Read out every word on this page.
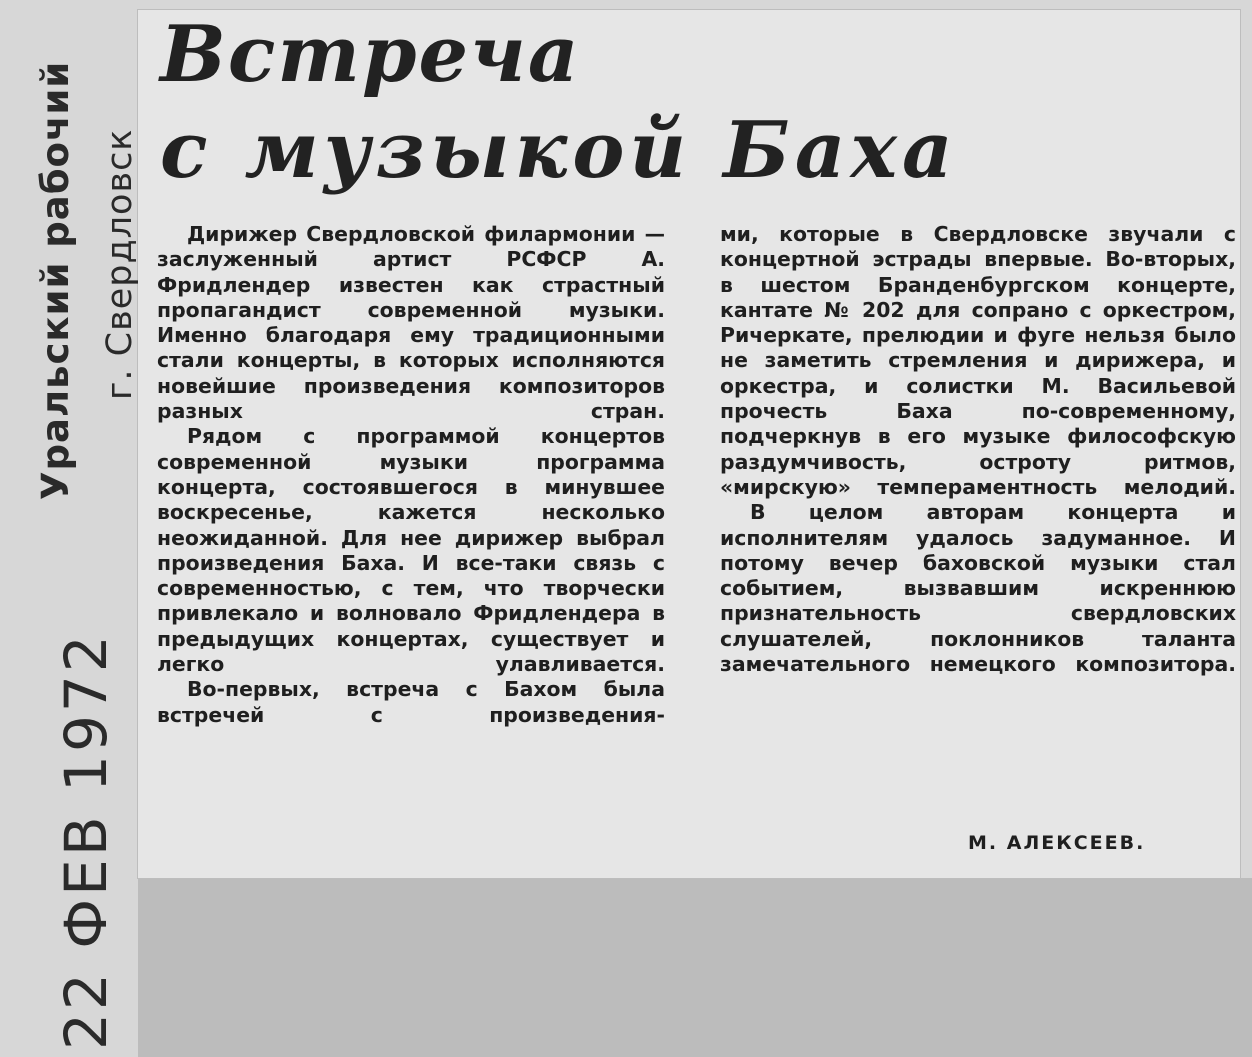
Уральский рабочий г. Свердловск
22 ФЕВ 1972
Встреча
с музыкой Баха

Дирижер Свердловской филармонии — заслуженный артист РСФСР А. Фридлендер известен как страстный пропагандист современной музыки. Именно благодаря ему традиционными стали концерты, в которых исполняются новейшие произведения композиторов разных стран.

Рядом с программой концертов современной музыки программа концерта, состоявшегося в минувшее воскресенье, кажется несколько неожиданной. Для нее дирижер выбрал произведения Баха. И все-таки связь с современностью, с тем, что творчески привлекало и волновало Фридлендера в предыдущих концертах, существует и легко улавливается.

Во-первых, встреча с Бахом была встречей с произведения-

ми, которые в Свердловске звучали с концертной эстрады впервые. Во-вторых, в шестом Бранденбургском концерте, кантате № 202 для сопрано с оркестром, Ричеркате, прелюдии и фуге нельзя было не заметить стремления и дирижера, и оркестра, и солистки М. Васильевой прочесть Баха по-современному, подчеркнув в его музыке философскую раздумчивость, остроту ритмов, «мирскую» темпераментность мелодий.

В целом авторам концерта и исполнителям удалось задуманное. И потому вечер баховской музыки стал событием, вызвавшим искреннюю признательность свердловских слушателей, поклонников таланта замечательного немецкого композитора.

М. АЛЕКСЕЕВ.
